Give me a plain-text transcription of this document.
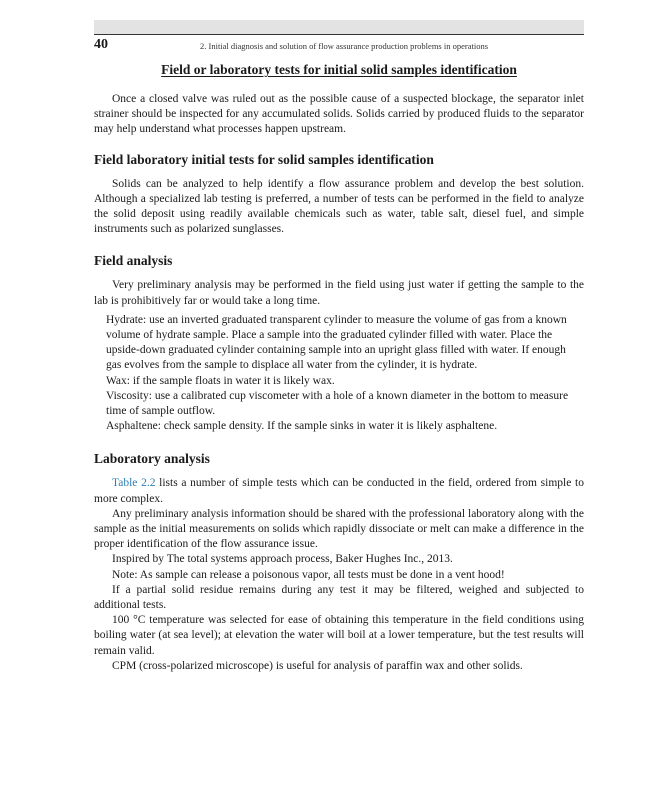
40	2. Initial diagnosis and solution of flow assurance production problems in operations
Field or laboratory tests for initial solid samples identification

Once a closed valve was ruled out as the possible cause of a suspected blockage, the separator inlet strainer should be inspected for any accumulated solids. Solids carried by produced fluids to the separator may help understand what processes happen upstream.

Field laboratory initial tests for solid samples identification

Solids can be analyzed to help identify a flow assurance problem and develop the best solution. Although a specialized lab testing is preferred, a number of tests can be performed in the field to analyze the solid deposit using readily available chemicals such as water, table salt, diesel fuel, and simple instruments such as polarized sunglasses.

Field analysis

Very preliminary analysis may be performed in the field using just water if getting the sample to the lab is prohibitively far or would take a long time.

Hydrate: use an inverted graduated transparent cylinder to measure the volume of gas from a known volume of hydrate sample. Place a sample into the graduated cylinder filled with water. Place the upside-down graduated cylinder containing sample into an upright glass filled with water. If enough gas evolves from the sample to displace all water from the cylinder, it is hydrate.

Wax: if the sample floats in water it is likely wax.

Viscosity: use a calibrated cup viscometer with a hole of a known diameter in the bottom to measure time of sample outflow.

Asphaltene: check sample density. If the sample sinks in water it is likely asphaltene.

Laboratory analysis

Table 2.2 lists a number of simple tests which can be conducted in the field, ordered from simple to more complex.

Any preliminary analysis information should be shared with the professional laboratory along with the sample as the initial measurements on solids which rapidly dissociate or melt can make a difference in the proper identification of the flow assurance issue.

Inspired by The total systems approach process, Baker Hughes Inc., 2013.

Note: As sample can release a poisonous vapor, all tests must be done in a vent hood!

If a partial solid residue remains during any test it may be filtered, weighed and subjected to additional tests.

100 °C temperature was selected for ease of obtaining this temperature in the field conditions using boiling water (at sea level); at elevation the water will boil at a lower temperature, but the test results will remain valid.

CPM (cross-polarized microscope) is useful for analysis of paraffin wax and other solids.
